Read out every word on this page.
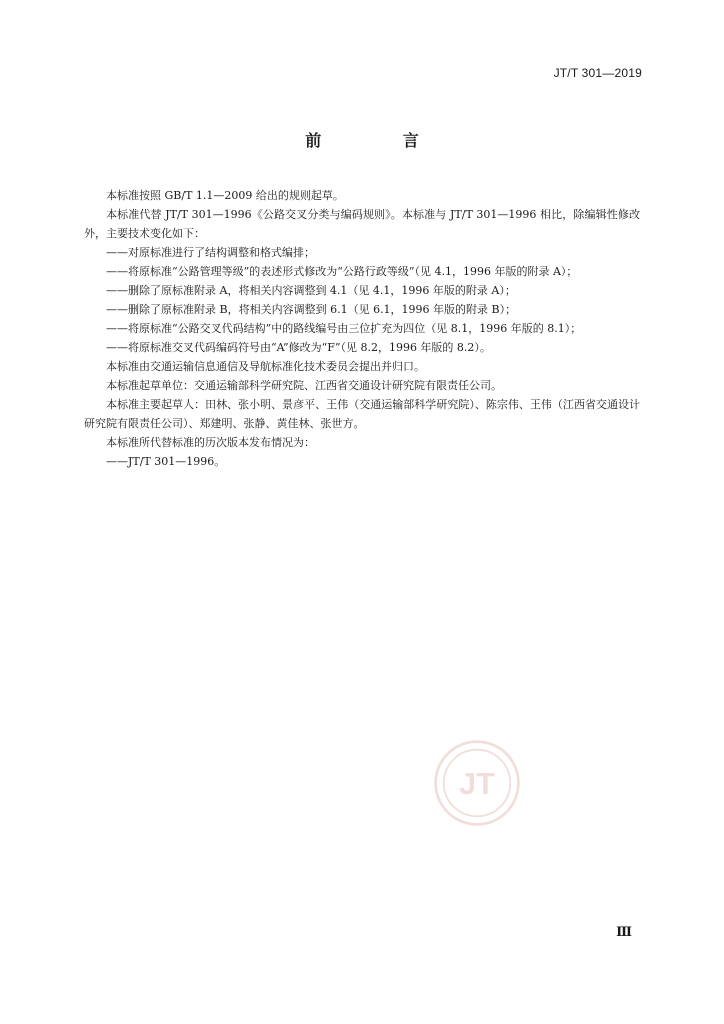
JT/T 301—2019
前 言

本标准按照 GB/T 1.1—2009 给出的规则起草。

本标准代替 JT/T 301—1996《公路交叉分类与编码规则》。本标准与 JT/T 301—1996 相比，除编辑性修改外，主要技术变化如下：

——对原标准进行了结构调整和格式编排；

——将原标准“公路管理等级”的表述形式修改为“公路行政等级”（见 4.1，1996 年版的附录 A）；

——删除了原标准附录 A，将相关内容调整到 4.1（见 4.1，1996 年版的附录 A）；

——删除了原标准附录 B，将相关内容调整到 6.1（见 6.1，1996 年版的附录 B）；

——将原标准“公路交叉代码结构”中的路线编号由三位扩充为四位（见 8.1，1996 年版的 8.1）；

——将原标准交叉代码编码符号由“A”修改为“F”（见 8.2，1996 年版的 8.2）。

本标准由交通运输信息通信及导航标准化技术委员会提出并归口。

本标准起草单位：交通运输部科学研究院、江西省交通设计研究院有限责任公司。

本标准主要起草人：田林、张小明、景彦平、王伟（交通运输部科学研究院）、陈宗伟、王伟（江西省交通设计研究院有限责任公司）、郑建明、张静、黄佳林、张世方。

本标准所代替标准的历次版本发布情况为：

——JT/T 301—1996。

JT
Ⅲ
